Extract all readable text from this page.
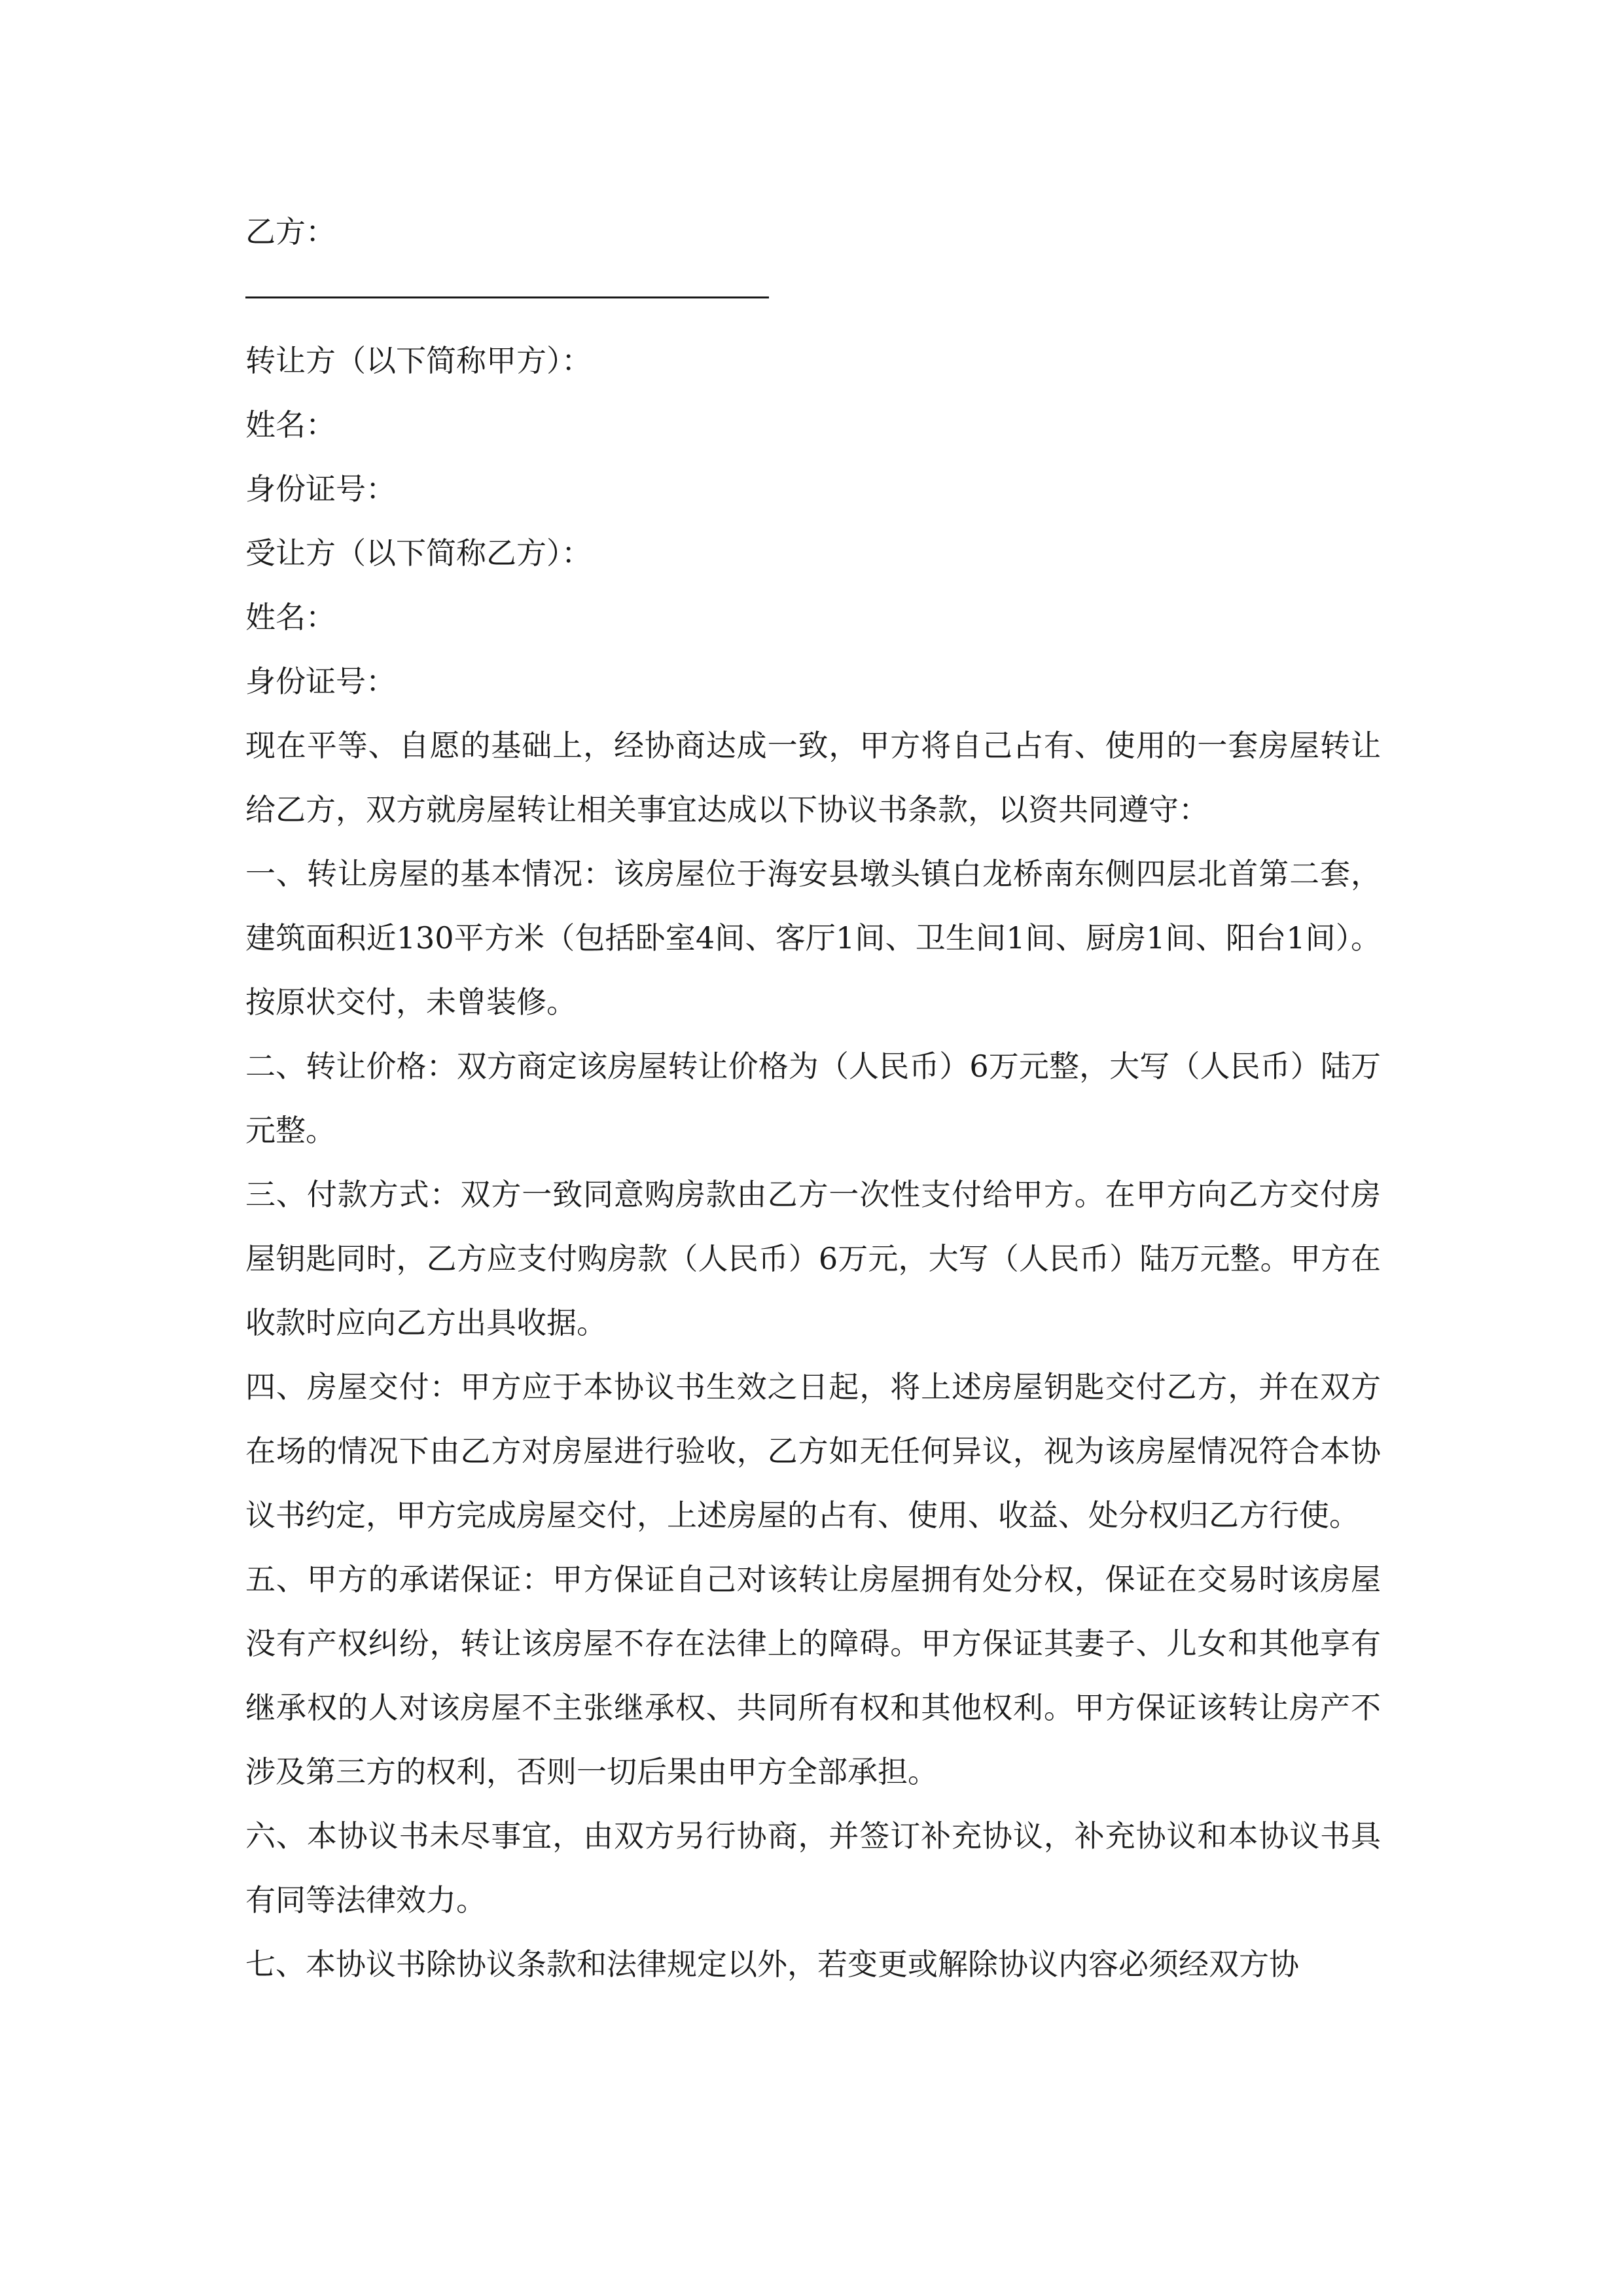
乙方：

转让方（以下简称甲方）：

姓名：

身份证号：

受让方（以下简称乙方）：

姓名：

身份证号：

现在平等、自愿的基础上，经协商达成一致，甲方将自己占有、使用的一套房屋转让给乙方，双方就房屋转让相关事宜达成以下协议书条款，以资共同遵守：

一、转让房屋的基本情况：该房屋位于海安县墩头镇白龙桥南东侧四层北首第二套，建筑面积近130平方米（包括卧室4间、客厅1间、卫生间1间、厨房1间、阳台1间）。按原状交付，未曾装修。

二、转让价格：双方商定该房屋转让价格为（人民币）6万元整，大写（人民币）陆万元整。

三、付款方式：双方一致同意购房款由乙方一次性支付给甲方。在甲方向乙方交付房屋钥匙同时，乙方应支付购房款（人民币）6万元，大写（人民币）陆万元整。甲方在收款时应向乙方出具收据。

四、房屋交付：甲方应于本协议书生效之日起，将上述房屋钥匙交付乙方，并在双方在场的情况下由乙方对房屋进行验收，乙方如无任何异议，视为该房屋情况符合本协议书约定，甲方完成房屋交付，上述房屋的占有、使用、收益、处分权归乙方行使。

五、甲方的承诺保证：甲方保证自己对该转让房屋拥有处分权，保证在交易时该房屋没有产权纠纷，转让该房屋不存在法律上的障碍。甲方保证其妻子、儿女和其他享有继承权的人对该房屋不主张继承权、共同所有权和其他权利。甲方保证该转让房产不涉及第三方的权利，否则一切后果由甲方全部承担。

六、本协议书未尽事宜，由双方另行协商，并签订补充协议，补充协议和本协议书具有同等法律效力。

七、本协议书除协议条款和法律规定以外，若变更或解除协议内容必须经双方协
